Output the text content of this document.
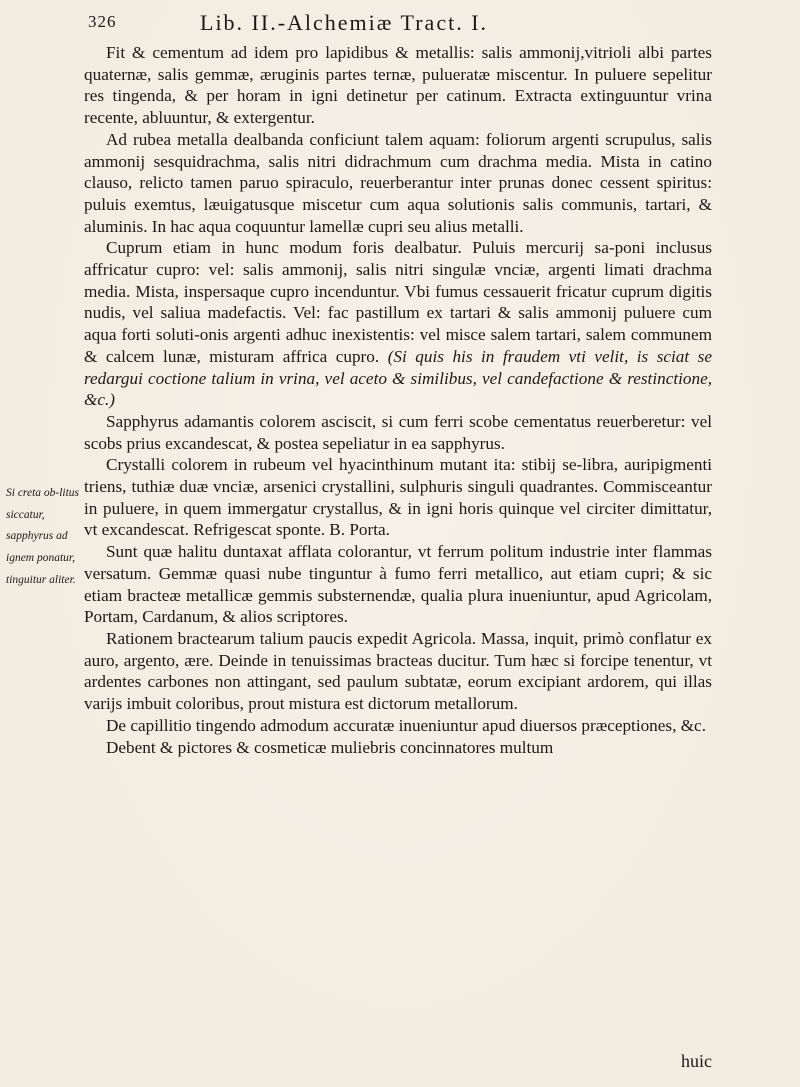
326	Lib. II.-Alchemiæ Tract. I.
Si creta ob-litus siccatur, sapphyrus ad ignem ponatur, tinguitur aliter.

Fit & cementum ad idem pro lapidibus & metallis: salis ammonij,vitrioli albi partes quaternæ, salis gemmæ, æruginis partes ternæ, pulueratæ miscentur. In puluere sepelitur res tingenda, & per horam in igni detinetur per catinum. Extracta extinguuntur vrina recente, abluuntur, & extergentur.

Ad rubea metalla dealbanda conficiunt talem aquam: foliorum argenti scrupulus, salis ammonij sesquidrachma, salis nitri didrachmum cum drachma media. Mista in catino clauso, relicto tamen paruo spiraculo, reuerberantur inter prunas donec cessent spiritus: puluis exemtus, læuigatusque miscetur cum aqua solutionis salis communis, tartari, & aluminis. In hac aqua coquuntur lamellæ cupri seu alius metalli.

Cuprum etiam in hunc modum foris dealbatur. Puluis mercurij sa-poni inclusus affricatur cupro: vel: salis ammonij, salis nitri singulæ vnciæ, argenti limati drachma media. Mista, inspersaque cupro incenduntur. Vbi fumus cessauerit fricatur cuprum digitis nudis, vel saliua madefactis. Vel: fac pastillum ex tartari & salis ammonij puluere cum aqua forti soluti-onis argenti adhuc inexistentis: vel misce salem tartari, salem communem & calcem lunæ, misturam affrica cupro. (Si quis his in fraudem vti velit, is sciat se redargui coctione talium in vrina, vel aceto & similibus, vel candefactione & restinctione, &c.)

Sapphyrus adamantis colorem asciscit, si cum ferri scobe cementatus reuerberetur: vel scobs prius excandescat, & postea sepeliatur in ea sapphyrus.

Crystalli colorem in rubeum vel hyacinthinum mutant ita: stibij se-libra, auripigmenti triens, tuthiæ duæ vnciæ, arsenici crystallini, sulphuris singuli quadrantes. Commisceantur in puluere, in quem immergatur crystallus, & in igni horis quinque vel circiter dimittatur, vt excandescat. Refrigescat sponte. B. Porta.

Sunt quæ halitu duntaxat afflata colorantur, vt ferrum politum industrie inter flammas versatum. Gemmæ quasi nube tinguntur à fumo ferri metallico, aut etiam cupri; & sic etiam bracteæ metallicæ gemmis substernendæ, qualia plura inueniuntur, apud Agricolam, Portam, Cardanum, & alios scriptores.

Rationem bractearum talium paucis expedit Agricola. Massa, inquit, primò conflatur ex auro, argento, ære. Deinde in tenuissimas bracteas ducitur. Tum hæc si forcipe tenentur, vt ardentes carbones non attingant, sed paulum subtatæ, eorum excipiant ardorem, qui illas varijs imbuit coloribus, prout mistura est dictorum metallorum.

De capillitio tingendo admodum accuratæ inueniuntur apud diuersos præceptiones, &c.

Debent & pictores & cosmeticæ muliebris concinnatores multum

huic
